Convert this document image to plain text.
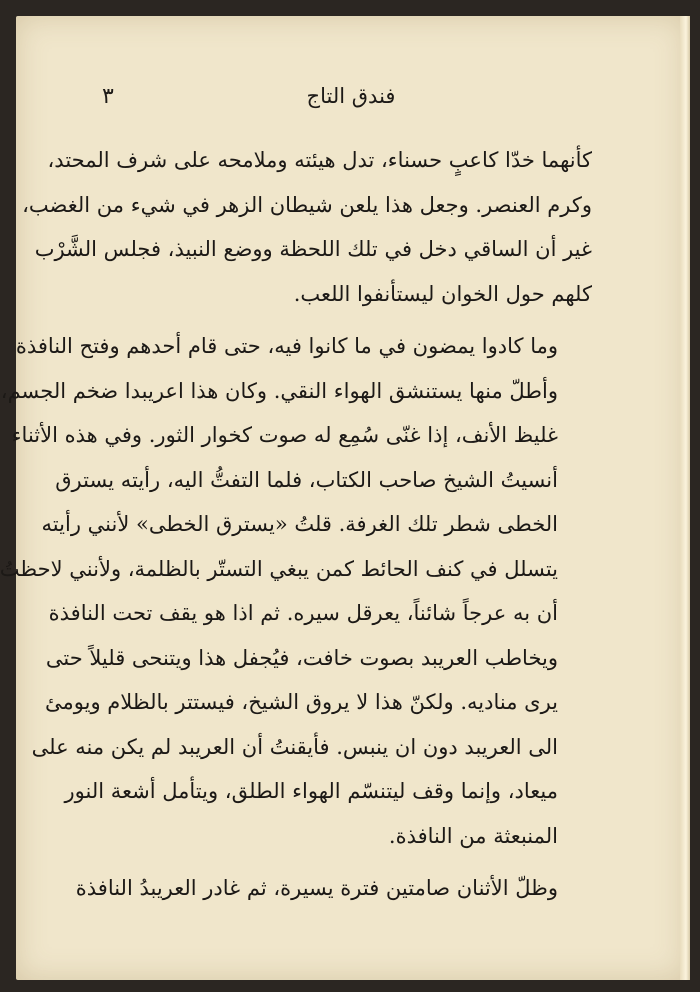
٣	فندق التاج

كأنهما خدّا كاعبٍ حسناء، تدل هيئته وملامحه على شرف المحتد،
وكرم العنصر. وجعل هذا يلعن شيطان الزهر في شيء من الغضب،
غير أن الساقي دخل في تلك اللحظة ووضع النبيذ، فجلس الشَّرْب
كلهم حول الخوان ليستأنفوا اللعب.

وما كادوا يمضون في ما كانوا فيه، حتى قام أحدهم وفتح النافذة
وأطلّ منها يستنشق الهواء النقي. وكان هذا اعريبدا ضخم الجسم،
غليظ الأنف، إذا غنّى سُمِع له صوت كخوار الثور. وفي هذه الأثناء
أنسيتُ الشيخ صاحب الكتاب، فلما التفتُّ اليه، رأيته يسترق
الخطى شطر تلك الغرفة. قلتُ «يسترق الخطى» لأنني رأيته
يتسلل في كنف الحائط كمن يبغي التستّر بالظلمة، ولأنني لاحظتُ
أن به عرجاً شائناً، يعرقل سيره. ثم اذا هو يقف تحت النافذة
ويخاطب العريبد بصوت خافت، فيُجفل هذا ويتنحى قليلاً حتى
يرى مناديه. ولكنّ هذا لا يروق الشيخ، فيستتر بالظلام ويومئ
الى العريبد دون ان ينبس. فأيقنتُ أن العريبد لم يكن منه على
ميعاد، وإنما وقف ليتنسّم الهواء الطلق، ويتأمل أشعة النور
المنبعثة من النافذة.

وظلّ الأثنان صامتين فترة يسيرة، ثم غادر العريبدُ النافذة
